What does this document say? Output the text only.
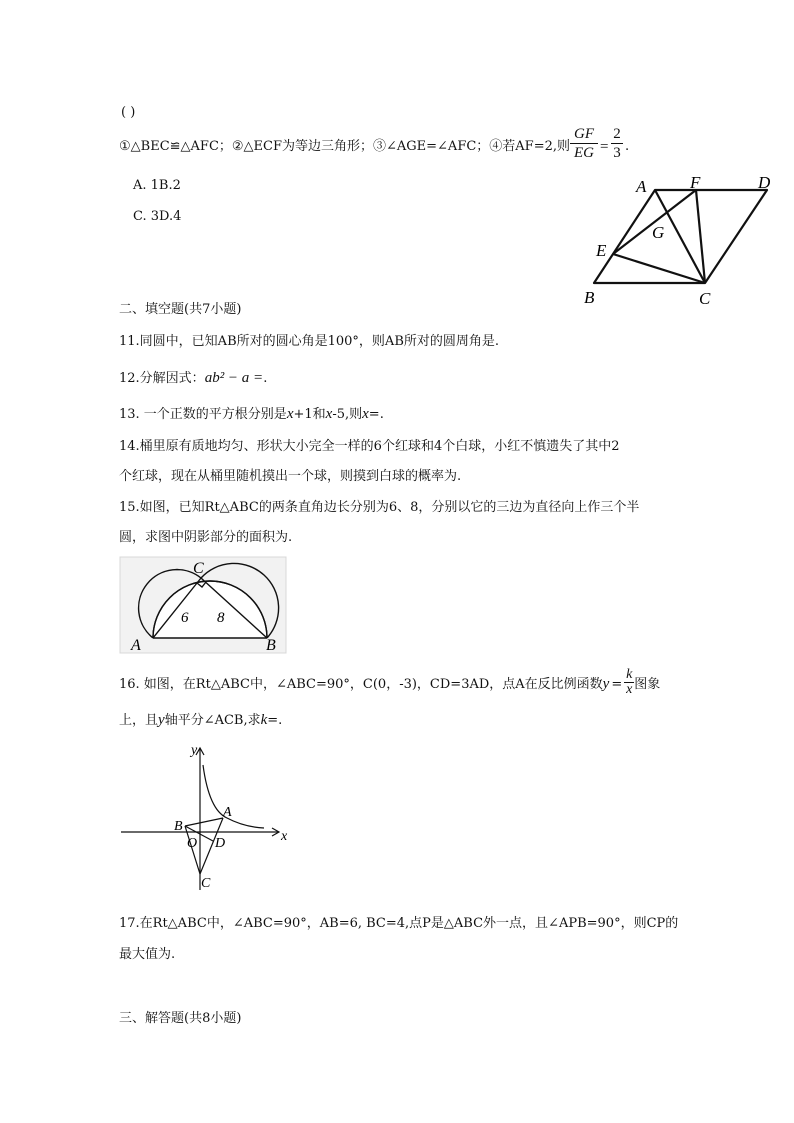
( )
①△BEC≌△AFC；②△ECF为等边三角形；③∠AGE=∠AFC；④若AF=2,则
GF
EG =
2
3 .
A. 1B.2
C. 3D.4
A	F	D
G
E
B	C
二、填空题(共7小题)
11.同圆中，已知AB所对的圆心角是100°，则AB所对的圆周角是.
12.分解因式：ab² − a =.
13. 一个正数的平方根分别是x+1和x-5,则x=.
14.桶里原有质地均匀、形状大小完全一样的6个红球和4个白球，小红不慎遗失了其中2
个红球，现在从桶里随机摸出一个球，则摸到白球的概率为.
15.如图，已知Rt△ABC的两条直角边长分别为6、8，分别以它的三边为直径向上作三个半
圆，求图中阴影部分的面积为.
C
A	B
6 8
16. 如图，在Rt△ABC中，∠ABC=90°，C(0，-3)，CD=3AD，点A在反比例函数$y = \frac{k}{x}$ 图象
上，且y轴平分∠ACB,求k=.
y
x
A
B
O D
C
17.在Rt△ABC中，∠ABC=90°，AB=6, BC=4,点P是△ABC外一点，且∠APB=90°，则CP的
最大值为.
三、解答题(共8小题)
